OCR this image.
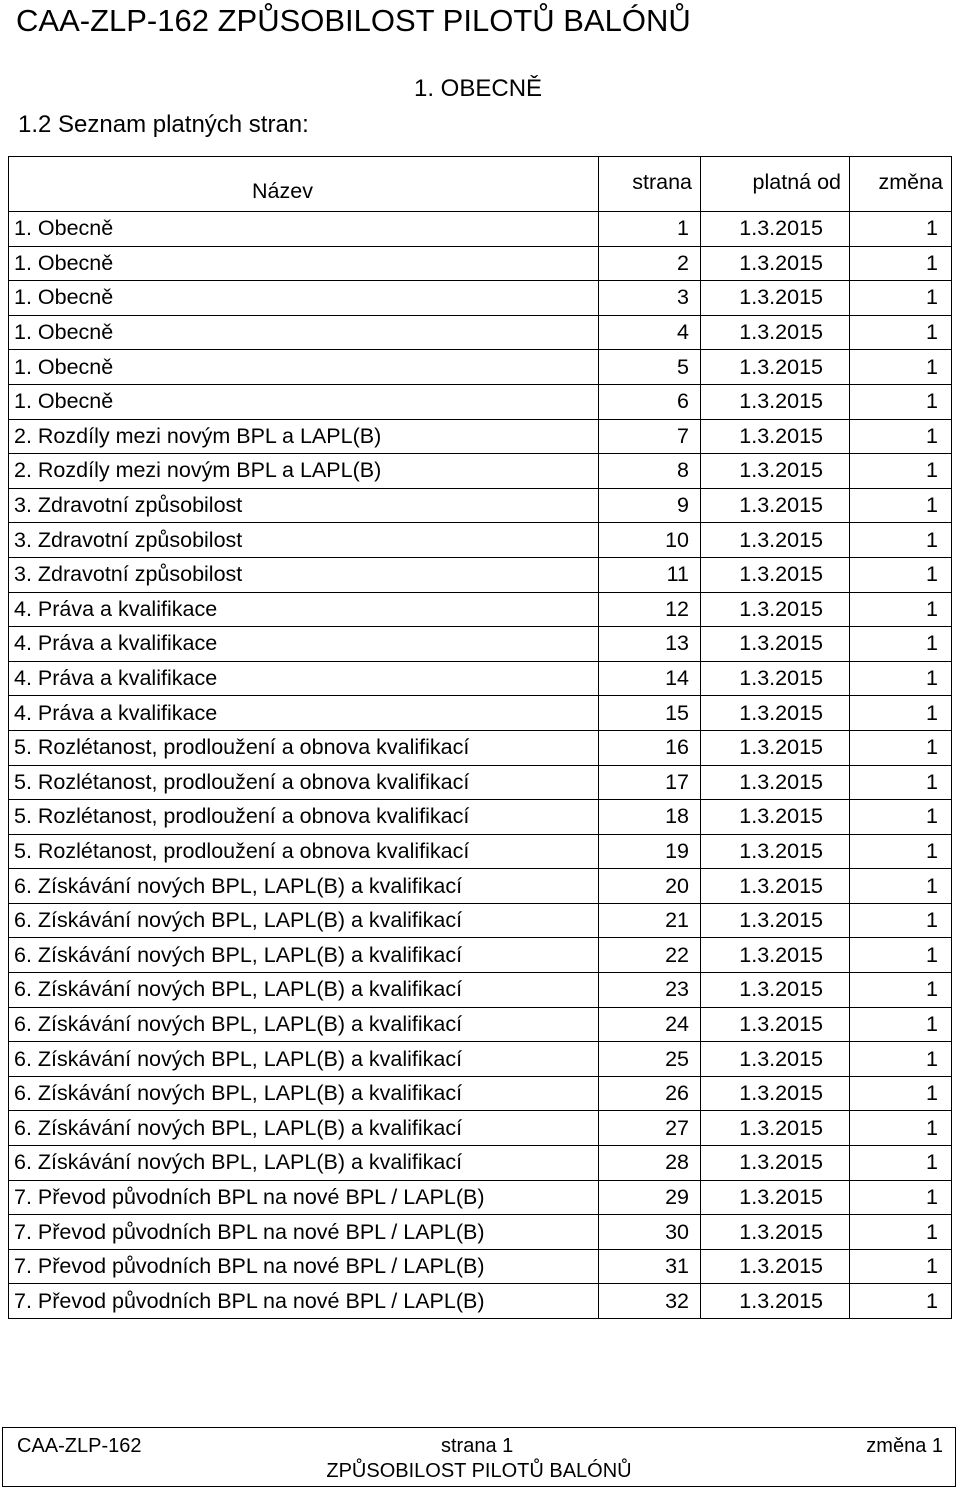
CAA-ZLP-162 ZPŮSOBILOST PILOTŮ BALÓNŮ
1. OBECNĚ
1.2 Seznam platných stran:
Název	strana	platná od	změna
1. Obecně	1	1.3.2015	1
1. Obecně	2	1.3.2015	1
1. Obecně	3	1.3.2015	1
1. Obecně	4	1.3.2015	1
1. Obecně	5	1.3.2015	1
1. Obecně	6	1.3.2015	1
2. Rozdíly mezi novým BPL a LAPL(B)	7	1.3.2015	1
2. Rozdíly mezi novým BPL a LAPL(B)	8	1.3.2015	1
3. Zdravotní způsobilost	9	1.3.2015	1
3. Zdravotní způsobilost	10	1.3.2015	1
3. Zdravotní způsobilost	11	1.3.2015	1
4. Práva a kvalifikace	12	1.3.2015	1
4. Práva a kvalifikace	13	1.3.2015	1
4. Práva a kvalifikace	14	1.3.2015	1
4. Práva a kvalifikace	15	1.3.2015	1
5. Rozlétanost, prodloužení a obnova kvalifikací	16	1.3.2015	1
5. Rozlétanost, prodloužení a obnova kvalifikací	17	1.3.2015	1
5. Rozlétanost, prodloužení a obnova kvalifikací	18	1.3.2015	1
5. Rozlétanost, prodloužení a obnova kvalifikací	19	1.3.2015	1
6. Získávání nových BPL, LAPL(B) a kvalifikací	20	1.3.2015	1
6. Získávání nových BPL, LAPL(B) a kvalifikací	21	1.3.2015	1
6. Získávání nových BPL, LAPL(B) a kvalifikací	22	1.3.2015	1
6. Získávání nových BPL, LAPL(B) a kvalifikací	23	1.3.2015	1
6. Získávání nových BPL, LAPL(B) a kvalifikací	24	1.3.2015	1
6. Získávání nových BPL, LAPL(B) a kvalifikací	25	1.3.2015	1
6. Získávání nových BPL, LAPL(B) a kvalifikací	26	1.3.2015	1
6. Získávání nových BPL, LAPL(B) a kvalifikací	27	1.3.2015	1
6. Získávání nových BPL, LAPL(B) a kvalifikací	28	1.3.2015	1
7. Převod původních BPL na nové BPL / LAPL(B)	29	1.3.2015	1
7. Převod původních BPL na nové BPL / LAPL(B)	30	1.3.2015	1
7. Převod původních BPL na nové BPL / LAPL(B)	31	1.3.2015	1
7. Převod původních BPL na nové BPL / LAPL(B)	32	1.3.2015	1
CAA-ZLP-162	strana 1	změna 1
ZPŮSOBILOST PILOTŮ BALÓNŮ
